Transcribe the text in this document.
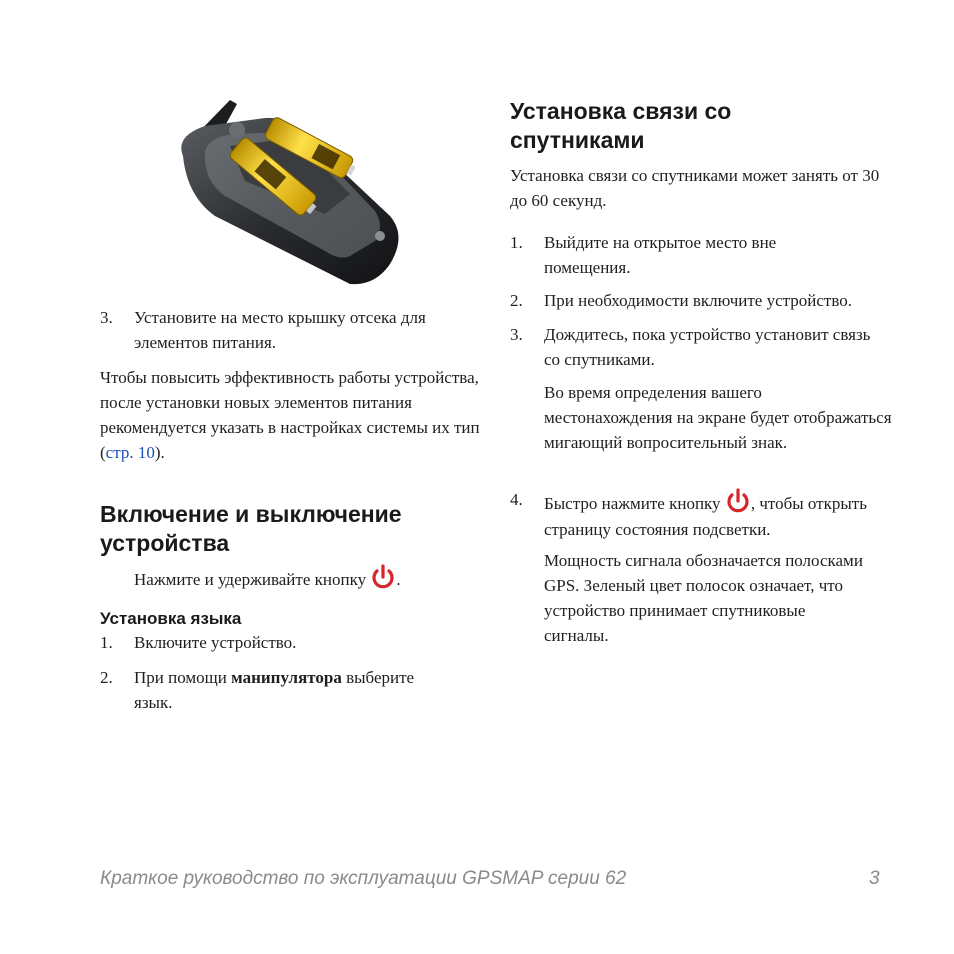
3. Установите на место крышку отсека для элементов питания.
Чтобы повысить эффективность работы устройства, после установки новых элементов питания рекомендуется указать в настройках системы их тип (стр. 10).
Включение и выключение устройства
Нажмите и удерживайте кнопку .
Установка языка
1. Включите устройство.
2. При помощи манипулятора выберите язык.
Установка связи со спутниками
Установка связи со спутниками может занять от 30 до 60 секунд.
1. Выйдите на открытое место вне помещения.
2. При необходимости включите устройство.
3. Дождитесь, пока устройство установит связь со спутниками.
Во время определения вашего местонахождения на экране будет отображаться мигающий вопросительный знак.
4. Быстро нажмите кнопку , чтобы открыть страницу состояния подсветки.
Мощность сигнала обозначается полосками GPS. Зеленый цвет полосок означает, что устройство принимает спутниковые сигналы.
Краткое руководство по эксплуатации GPSMAP серии 62	3
